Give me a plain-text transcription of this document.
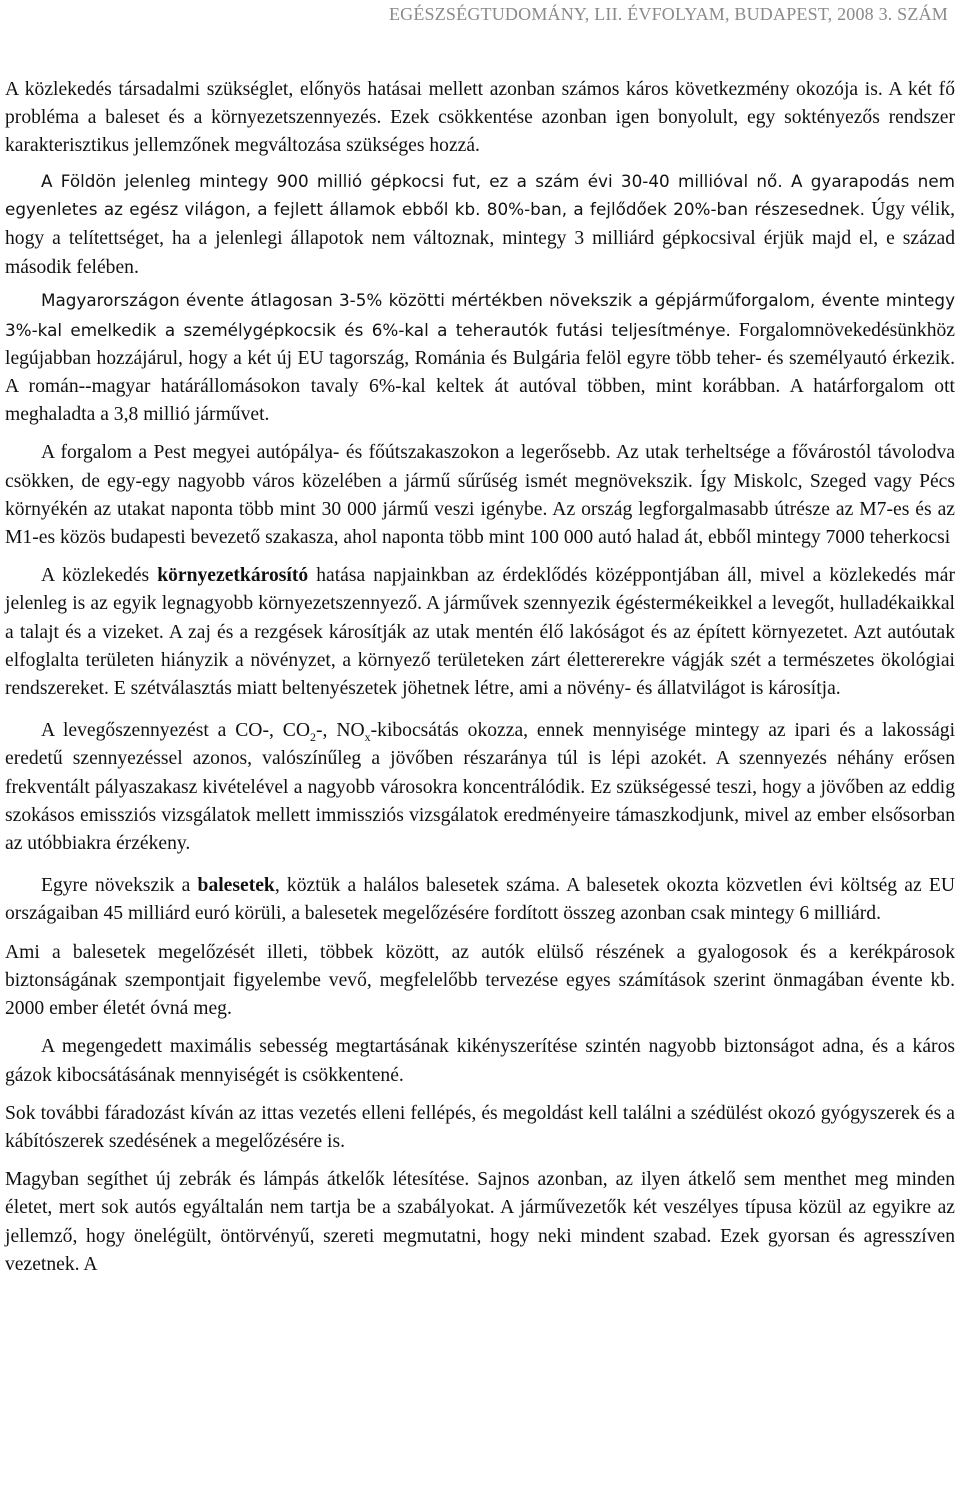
EGÉSZSÉGTUDOMÁNY, LII. ÉVFOLYAM, BUDAPEST, 2008 3. SZÁM

A közlekedés társadalmi szükséglet, előnyös hatásai mellett azonban számos káros következmény okozója is. A két fő probléma a baleset és a környezetszennyezés. Ezek csökkentése azonban igen bonyolult, egy soktényezős rendszer karakterisztikus jellemzőnek megváltozása szükséges hozzá.

A Földön jelenleg mintegy 900 millió gépkocsi fut, ez a szám évi 30-40 millióval nő. A gyarapodás nem egyenletes az egész világon, a fejlett államok ebből kb. 80%-ban, a fejlődőek 20%-ban részesednek. Úgy vélik, hogy a telítettséget, ha a jelenlegi állapotok nem változnak, mintegy 3 milliárd gépkocsival érjük majd el, e század második felében.

Magyarországon évente átlagosan 3-5% közötti mértékben növekszik a gépjárműforgalom, évente mintegy 3%-kal emelkedik a személygépkocsik és 6%-kal a teherautók futási teljesítménye. Forgalomnövekedésünkhöz legújabban hozzájárul, hogy a két új EU tagország, Románia és Bulgária felöl egyre több teher- és személyautó érkezik. A román--magyar határállomásokon tavaly 6%-kal keltek át autóval többen, mint korábban. A határforgalom ott meghaladta a 3,8 millió járművet.

A forgalom a Pest megyei autópálya- és főútszakaszokon a legerősebb. Az utak terheltsége a fővárostól távolodva csökken, de egy-egy nagyobb város közelében a jármű sűrűség ismét megnövekszik. Így Miskolc, Szeged vagy Pécs környékén az utakat naponta több mint 30 000 jármű veszi igénybe. Az ország legforgalmasabb útrésze az M7-es és az M1-es közös budapesti bevezető szakasza, ahol naponta több mint 100 000 autó halad át, ebből mintegy 7000 teherkocsi

A közlekedés környezetkárosító hatása napjainkban az érdeklődés középpontjában áll, mivel a közlekedés már jelenleg is az egyik legnagyobb környezetszennyező. A járművek szennyezik égéstermékeikkel a levegőt, hulladékaikkal a talajt és a vizeket. A zaj és a rezgések károsítják az utak mentén élő lakóságot és az épített környezetet. Azt autóutak elfoglalta területen hiányzik a növényzet, a környező területeken zárt élettererekre vágják szét a természetes ökológiai rendszereket. E szétválasztás miatt beltenyészetek jöhetnek létre, ami a növény- és állatvilágot is károsítja.

A levegőszennyezést a CO-, $CO_2-$, $NO_x$-kibocsátás okozza, ennek mennyisége mintegy az ipari és a lakossági eredetű szennyezéssel azonos, valószínűleg a jövőben részaránya túl is lépi azokét. A szennyezés néhány erősen frekventált pályaszakasz kivételével a nagyobb városokra koncentrálódik. Ez szükségessé teszi, hogy a jövőben az eddig szokásos emissziós vizsgálatok mellett immissziós vizsgálatok eredményeire támaszkodjunk, mivel az ember elsősorban az utóbbiakra érzékeny.

Egyre növekszik a balesetek, köztük a halálos balesetek száma. A balesetek okozta közvetlen évi költség az EU országaiban 45 milliárd euró körüli, a balesetek megelőzésére fordított összeg azonban csak mintegy 6 milliárd.

Ami a balesetek megelőzését illeti, többek között, az autók elülső részének a gyalogosok és a kerékpárosok biztonságának szempontjait figyelembe vevő, megfelelőbb tervezése egyes számítások szerint önmagában évente kb. 2000 ember életét óvná meg.

A megengedett maximális sebesség megtartásának kikényszerítése szintén nagyobb biztonságot adna, és a káros gázok kibocsátásának mennyiségét is csökkentené.

Sok további fáradozást kíván az ittas vezetés elleni fellépés, és megoldást kell találni a szédülést okozó gyógyszerek és a kábítószerek szedésének a megelőzésére is.

Magyban segíthet új zebrák és lámpás átkelők létesítése. Sajnos azonban, az ilyen átkelő sem menthet meg minden életet, mert sok autós egyáltalán nem tartja be a szabályokat. A járművezetők két veszélyes típusa közül az egyikre az jellemző, hogy önelégült, öntörvényű, szereti megmutatni, hogy neki mindent szabad. Ezek gyorsan és agresszíven vezetnek. A
